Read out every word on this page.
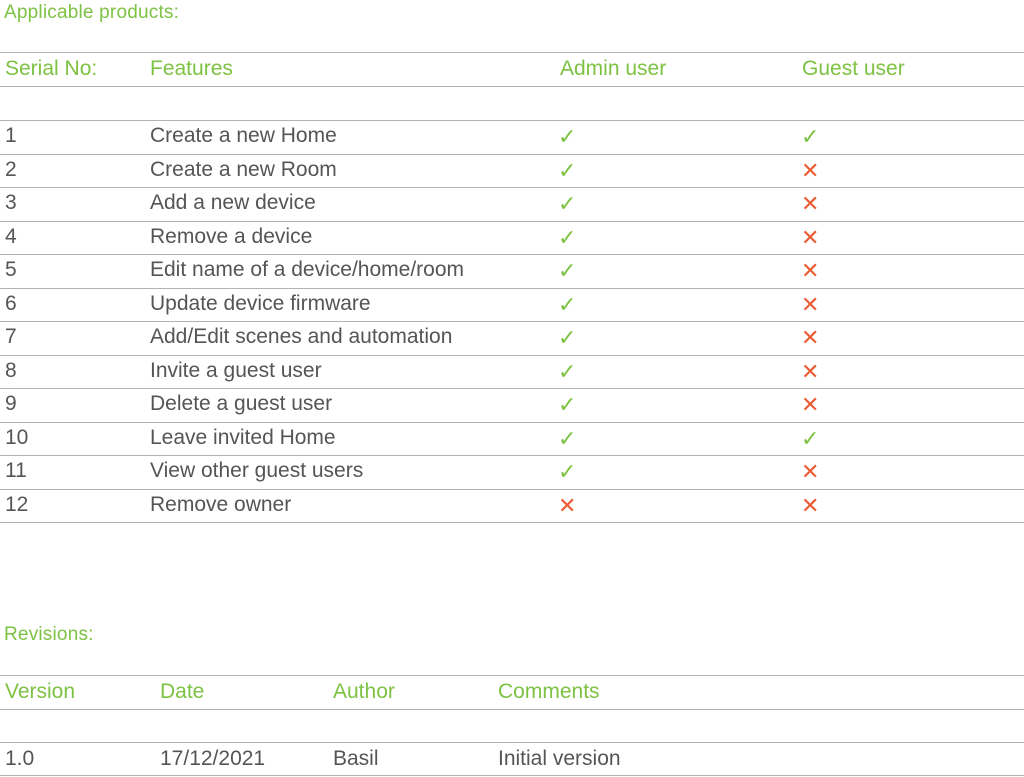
Applicable products:
Serial No:	Features	Admin user	Guest user
1	Create a new Home	✓	✓
2	Create a new Room	✓	✕
3	Add a new device	✓	✕
4	Remove a device	✓	✕
5	Edit name of a device/home/room	✓	✕
6	Update device firmware	✓	✕
7	Add/Edit scenes and automation	✓	✕
8	Invite a guest user	✓	✕
9	Delete a guest user	✓	✕
10	Leave invited Home	✓	✓
11	View other guest users	✓	✕
12	Remove owner	✕	✕
Revisions:
Version	Date	Author	Comments
1.0	17/12/2021	Basil	Initial version
